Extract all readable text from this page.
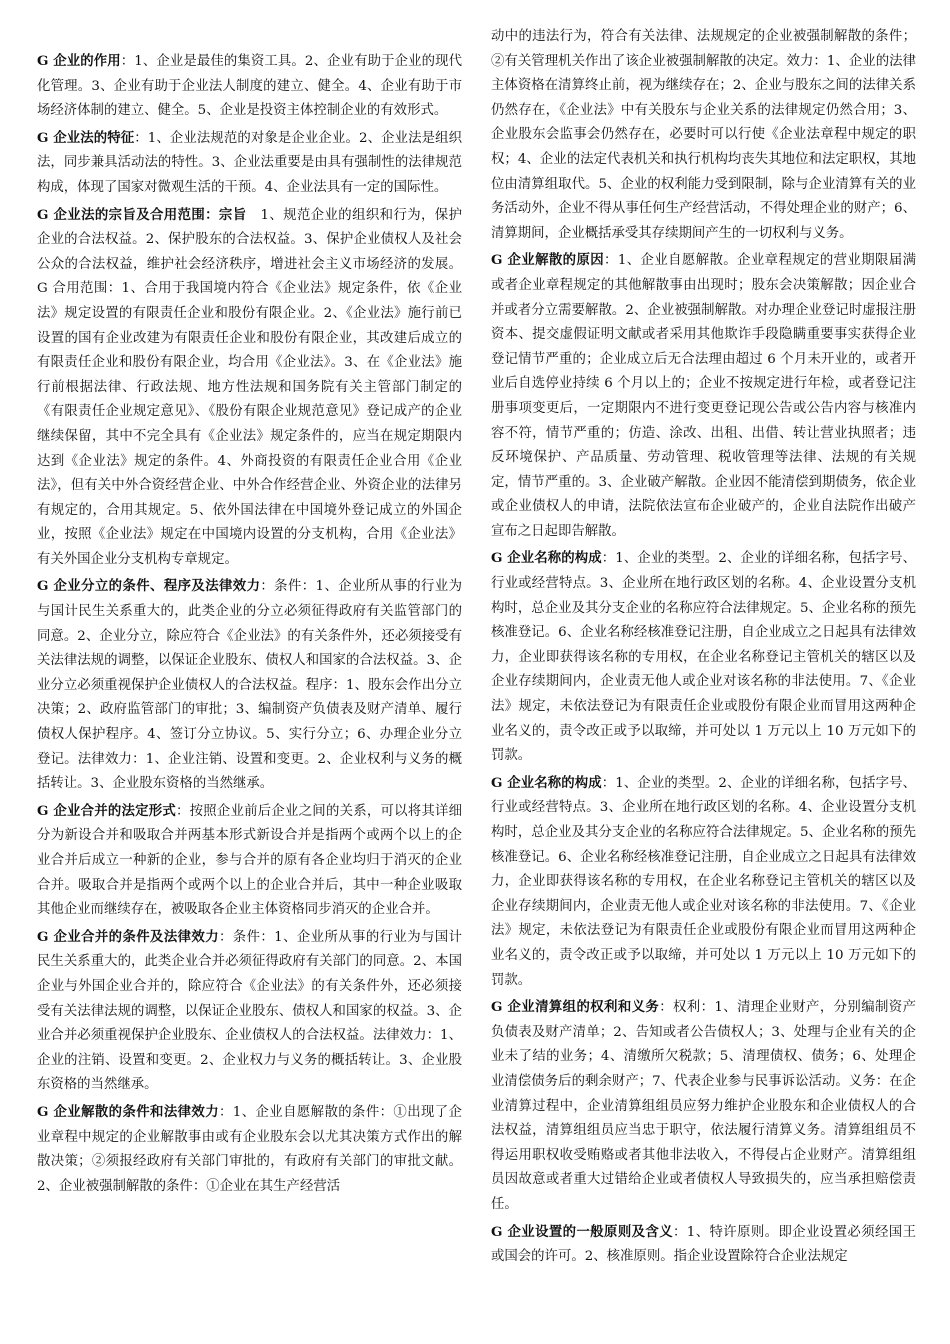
G 企业的作用：1、企业是最佳的集资工具。2、企业有助于企业的现代化管理。3、企业有助于企业法人制度的建立、健全。4、企业有助于市场经济体制的建立、健全。5、企业是投资主体控制企业的有效形式。

G 企业法的特征：1、企业法规范的对象是企业企业。2、企业法是组织法，同步兼具活动法的特性。3、企业法重要是由具有强制性的法律规范构成，体现了国家对微观生活的干预。4、企业法具有一定的国际性。

G 企业法的宗旨及合用范围：宗旨   1、规范企业的组织和行为，保护企业的合法权益。2、保护股东的合法权益。3、保护企业债权人及社会公众的合法权益，维护社会经济秩序，增进社会主义市场经济的发展。G 合用范围：1、合用于我国境内符合《企业法》规定条件，依《企业法》规定设置的有限责任企业和股份有限企业。2、《企业法》施行前已设置的国有企业改建为有限责任企业和股份有限企业，其改建后成立的有限责任企业和股份有限企业，均合用《企业法》。3、在《企业法》施行前根据法律、行政法规、地方性法规和国务院有关主管部门制定的《有限责任企业规定意见》、《股份有限企业规范意见》登记成产的企业继续保留，其中不完全具有《企业法》规定条件的，应当在规定期限内达到《企业法》规定的条件。4、外商投资的有限责任企业合用《企业法》，但有关中外合资经营企业、中外合作经营企业、外资企业的法律另有规定的，合用其规定。5、依外国法律在中国境外登记成立的外国企业，按照《企业法》规定在中国境内设置的分支机构，合用《企业法》有关外国企业分支机构专章规定。

G 企业分立的条件、程序及法律效力：条件：1、企业所从事的行业为与国计民生关系重大的，此类企业的分立必须征得政府有关监管部门的同意。2、企业分立，除应符合《企业法》的有关条件外，还必须接受有关法律法规的调整，以保证企业股东、债权人和国家的合法权益。3、企业分立必须重视保护企业债权人的合法权益。程序：1、股东会作出分立决策；2、政府监管部门的审批；3、编制资产负债表及财产清单、履行债权人保护程序。4、签订分立协议。5、实行分立；6、办理企业分立登记。法律效力：1、企业注销、设置和变更。2、企业权利与义务的概括转让。3、企业股东资格的当然继承。

G 企业合并的法定形式：按照企业前后企业之间的关系，可以将其详细分为新设合并和吸取合并两基本形式新设合并是指两个或两个以上的企业合并后成立一种新的企业，参与合并的原有各企业均归于消灭的企业合并。吸取合并是指两个或两个以上的企业合并后，其中一种企业吸取其他企业而继续存在，被吸取各企业主体资格同步消灭的企业合并。

G 企业合并的条件及法律效力：条件：1、企业所从事的行业为与国计民生关系重大的，此类企业合并必须征得政府有关部门的同意。2、本国企业与外国企业合并的，除应符合《企业法》的有关条件外，还必须接受有关法律法规的调整，以保证企业股东、债权人和国家的权益。3、企业合并必须重视保护企业股东、企业债权人的合法权益。法律效力：1、企业的注销、设置和变更。2、企业权力与义务的概括转让。3、企业股东资格的当然继承。

G 企业解散的条件和法律效力：1、企业自愿解散的条件：①出现了企业章程中规定的企业解散事由或有企业股东会以尤其决策方式作出的解散决策；②须报经政府有关部门审批的，有政府有关部门的审批文献。2、企业被强制解散的条件：①企业在其生产经营活

动中的违法行为，符合有关法律、法规规定的企业被强制解散的条件；②有关管理机关作出了该企业被强制解散的决定。效力：1、企业的法律主体资格在清算终止前，视为继续存在；2、企业与股东之间的法律关系仍然存在，《企业法》中有关股东与企业关系的法律规定仍然合用；3、企业股东会监事会仍然存在，必要时可以行使《企业法章程中规定的职权；4、企业的法定代表机关和执行机构均丧失其地位和法定职权，其地位由清算组取代。5、企业的权利能力受到限制，除与企业清算有关的业务活动外，企业不得从事任何生产经营活动，不得处理企业的财产；6、清算期间，企业概括承受其存续期间产生的一切权利与义务。

G 企业解散的原因：1、企业自愿解散。企业章程规定的营业期限届满或者企业章程规定的其他解散事由出现时；股东会决策解散；因企业合并或者分立需要解散。2、企业被强制解散。对办理企业登记时虚报注册资本、提交虚假证明文献或者采用其他欺诈手段隐瞒重要事实获得企业登记情节严重的；企业成立后无合法理由超过 6 个月未开业的，或者开业后自选停业持续 6 个月以上的；企业不按规定进行年检，或者登记注册事项变更后，一定期限内不进行变更登记现公告或公告内容与核准内容不符，情节严重的；仿造、涂改、出租、出借、转让营业执照者；违反环境保护、产品质量、劳动管理、税收管理等法律、法规的有关规定，情节严重的。3、企业破产解散。企业因不能清偿到期债务，依企业或企业债权人的申请，法院依法宣布企业破产的，企业自法院作出破产宣布之日起即告解散。

G 企业名称的构成：1、企业的类型。2、企业的详细名称，包括字号、行业或经营特点。3、企业所在地行政区划的名称。4、企业设置分支机构时，总企业及其分支企业的名称应符合法律规定。5、企业名称的预先核准登记。6、企业名称经核准登记注册，自企业成立之日起具有法律效力，企业即获得该名称的专用权，在企业名称登记主管机关的辖区以及企业存续期间内，企业责无他人或企业对该名称的非法使用。7、《企业法》规定，未依法登记为有限责任企业或股份有限企业而冒用这两种企业名义的，责令改正或予以取缔，并可处以 1 万元以上 10 万元如下的罚款。

G 企业名称的构成：1、企业的类型。2、企业的详细名称，包括字号、行业或经营特点。3、企业所在地行政区划的名称。4、企业设置分支机构时，总企业及其分支企业的名称应符合法律规定。5、企业名称的预先核准登记。6、企业名称经核准登记注册，自企业成立之日起具有法律效力，企业即获得该名称的专用权，在企业名称登记主管机关的辖区以及企业存续期间内，企业责无他人或企业对该名称的非法使用。7、《企业法》规定，未依法登记为有限责任企业或股份有限企业而冒用这两种企业名义的，责令改正或予以取缔，并可处以 1 万元以上 10 万元如下的罚款。

G 企业清算组的权利和义务：权利：1、清理企业财产，分别编制资产负债表及财产清单；2、告知或者公告债权人；3、处理与企业有关的企业未了结的业务；4、清缴所欠税款；5、清理债权、债务；6、处理企业清偿债务后的剩余财产；7、代表企业参与民事诉讼活动。义务：在企业清算过程中，企业清算组组员应努力维护企业股东和企业债权人的合法权益，清算组组员应当忠于职守，依法履行清算义务。清算组组员不得运用职权收受贿赂或者其他非法收入，不得侵占企业财产。清算组组员因故意或者重大过错给企业或者债权人导致损失的，应当承担赔偿责任。

G 企业设置的一般原则及含义：1、特许原则。即企业设置必须经国王或国会的许可。2、核准原则。指企业设置除符合企业法规定
